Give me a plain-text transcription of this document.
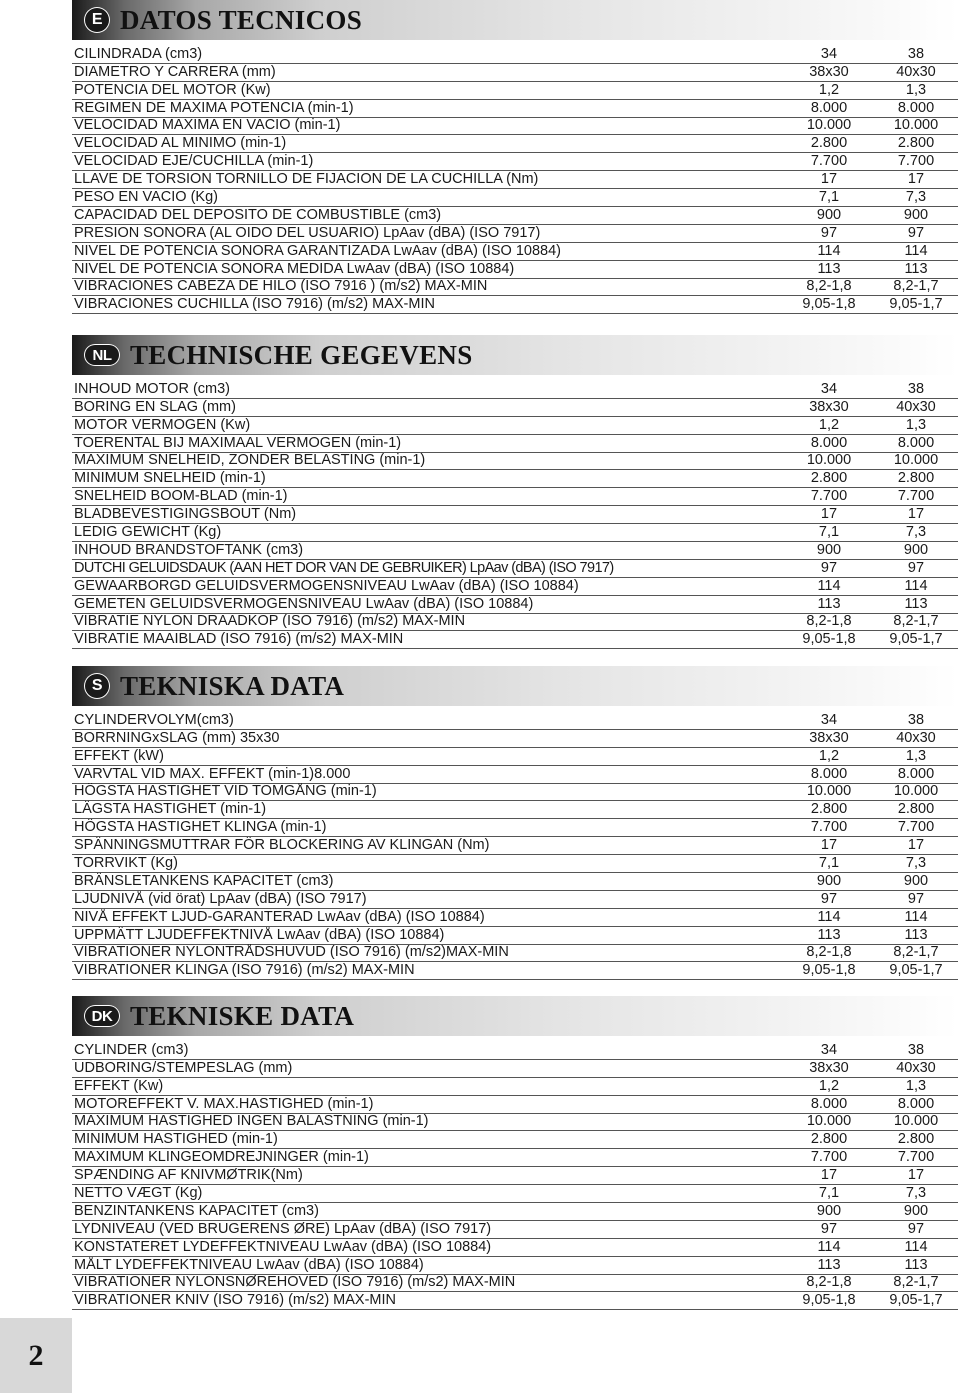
E DATOS TECNICOS
CILINDRADA (cm3)	34	38
DIAMETRO Y CARRERA (mm)	38x30	40x30
POTENCIA DEL MOTOR (Kw)	1,2	1,3
REGIMEN DE MAXIMA POTENCIA (min-1)	8.000	8.000
VELOCIDAD MAXIMA EN VACIO (min-1)	10.000	10.000
VELOCIDAD AL MINIMO (min-1)	2.800	2.800
VELOCIDAD EJE/CUCHILLA (min-1)	7.700	7.700
LLAVE DE TORSION TORNILLO DE FIJACION DE LA CUCHILLA (Nm)	17	17
PESO EN VACIO (Kg)	7,1	7,3
CAPACIDAD DEL DEPOSITO DE COMBUSTIBLE (cm3)	900	900
PRESION SONORA (AL OIDO DEL USUARIO) LpAav (dBA) (ISO 7917)	97	97
NIVEL DE POTENCIA SONORA GARANTIZADA LwAav (dBA) (ISO 10884)	114	114
NIVEL DE POTENCIA SONORA MEDIDA LwAav (dBA) (ISO 10884)	113	113
VIBRACIONES CABEZA DE HILO (ISO 7916 ) (m/s2) MAX-MIN	8,2-1,8	8,2-1,7
VIBRACIONES CUCHILLA (ISO 7916) (m/s2) MAX-MIN	9,05-1,8	9,05-1,7
NL TECHNISCHE GEGEVENS
INHOUD MOTOR (cm3)	34	38
BORING EN SLAG (mm)	38x30	40x30
MOTOR VERMOGEN (Kw)	1,2	1,3
TOERENTAL BIJ MAXIMAAL VERMOGEN (min-1)	8.000	8.000
MAXIMUM SNELHEID, ZONDER BELASTING (min-1)	10.000	10.000
MINIMUM SNELHEID (min-1)	2.800	2.800
SNELHEID BOOM-BLAD (min-1)	7.700	7.700
BLADBEVESTIGINGSBOUT (Nm)	17	17
LEDIG GEWICHT (Kg)	7,1	7,3
INHOUD BRANDSTOFTANK (cm3)	900	900
DUTCHI GELUIDSDAUK (AAN HET DOR VAN DE GEBRUIKER) LpAav (dBA) (ISO 7917)	97	97
GEWAARBORGD GELUIDSVERMOGENSNIVEAU LwAav (dBA) (ISO 10884)	114	114
GEMETEN GELUIDSVERMOGENSNIVEAU LwAav (dBA) (ISO 10884)	113	113
VIBRATIE NYLON DRAADKOP (ISO 7916) (m/s2) MAX-MIN	8,2-1,8	8,2-1,7
VIBRATIE MAAIBLAD (ISO 7916) (m/s2) MAX-MIN	9,05-1,8	9,05-1,7
S TEKNISKA DATA
CYLINDERVOLYM(cm3)	34	38
BORRNINGxSLAG (mm) 35x30	38x30	40x30
EFFEKT (kW)	1,2	1,3
VARVTAL VID MAX. EFFEKT (min-1)8.000	8.000	8.000
HÖGSTA HASTIGHET VID TOMGÅNG (min-1)	10.000	10.000
LÄGSTA HASTIGHET (min-1)	2.800	2.800
HÖGSTA HASTIGHET KLINGA (min-1)	7.700	7.700
SPÄNNINGSMUTTRAR FÖR BLOCKERING AV KLINGAN (Nm)	17	17
TORRVIKT (Kg)	7,1	7,3
BRÄNSLETANKENS KAPACITET (cm3)	900	900
LJUDNIVÅ (vid örat) LpAav (dBA) (ISO 7917)	97	97
NIVÅ EFFEKT LJUD-GARANTERAD LwAav (dBA) (ISO 10884)	114	114
UPPMÄTT LJUDEFFEKTNIVÅ LwAav (dBA) (ISO 10884)	113	113
VIBRATIONER NYLONTRÅDSHUVUD (ISO 7916) (m/s2)MAX-MIN	8,2-1,8	8,2-1,7
VIBRATIONER KLINGA (ISO 7916) (m/s2) MAX-MIN	9,05-1,8	9,05-1,7
DK TEKNISKE DATA
CYLINDER (cm3)	34	38
UDBORING/STEMPESLAG (mm)	38x30	40x30
EFFEKT (Kw)	1,2	1,3
MOTOREFFEKT V. MAX.HASTIGHED (min-1)	8.000	8.000
MAXIMUM HASTIGHED INGEN BALASTNING (min-1)	10.000	10.000
MINIMUM HASTIGHED (min-1)	2.800	2.800
MAXIMUM KLINGEOMDREJNINGER (min-1)	7.700	7.700
SPÆNDING AF KNIVMØTRIK(Nm)	17	17
NETTO VÆGT (Kg)	7,1	7,3
BENZINTANKENS KAPACITET (cm3)	900	900
LYDNIVEAU (VED BRUGERENS ØRE) LpAav (dBA) (ISO 7917)	97	97
KONSTATERET LYDEFFEKTNIVEAU LwAav (dBA) (ISO 10884)	114	114
MÅLT LYDEFFEKTNIVEAU LwAav (dBA) (ISO 10884)	113	113
VIBRATIONER NYLONSNØREHOVED (ISO 7916) (m/s2) MAX-MIN	8,2-1,8	8,2-1,7
VIBRATIONER KNIV (ISO 7916) (m/s2) MAX-MIN	9,05-1,8	9,05-1,7
2
